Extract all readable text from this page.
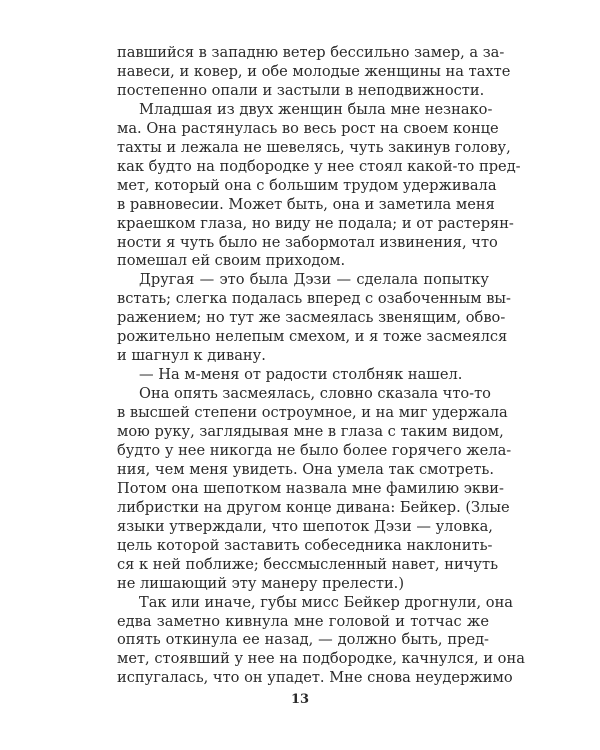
павшийся в западню ветер бессильно замер, а за-
навеси, и ковер, и обе молодые женщины на тахте
постепенно опали и застыли в неподвижности.
Младшая из двух женщин была мне незнако-
ма. Она растянулась во весь рост на своем конце
тахты и лежала не шевелясь, чуть закинув голову,
как будто на подбородке у нее стоял какой-то пред-
мет, который она с большим трудом удерживала
в равновесии. Может быть, она и заметила меня
краешком глаза, но виду не подала; и от растерян-
ности я чуть было не забормотал извинения, что
помешал ей своим приходом.
Другая — это была Дэзи — сделала попытку
встать; слегка подалась вперед с озабоченным вы-
ражением; но тут же засмеялась звенящим, обво-
рожительно нелепым смехом, и я тоже засмеялся
и шагнул к дивану.
— На м-меня от радости столбняк нашел.
Она опять засмеялась, словно сказала что-то
в высшей степени остроумное, и на миг удержала
мою руку, заглядывая мне в глаза с таким видом,
будто у нее никогда не было более горячего жела-
ния, чем меня увидеть. Она умела так смотреть.
Потом она шепотком назвала мне фамилию экви-
либристки на другом конце дивана: Бейкер. (Злые
языки утверждали, что шепоток Дэзи — уловка,
цель которой заставить собеседника наклонить-
ся к ней поближе; бессмысленный навет, ничуть
не лишающий эту манеру прелести.)
Так или иначе, губы мисс Бейкер дрогнули, она
едва заметно кивнула мне головой и тотчас же
опять откинула ее назад, — должно быть, пред-
мет, стоявший у нее на подбородке, качнулся, и она
испугалась, что он упадет. Мне снова неудержимо
13
